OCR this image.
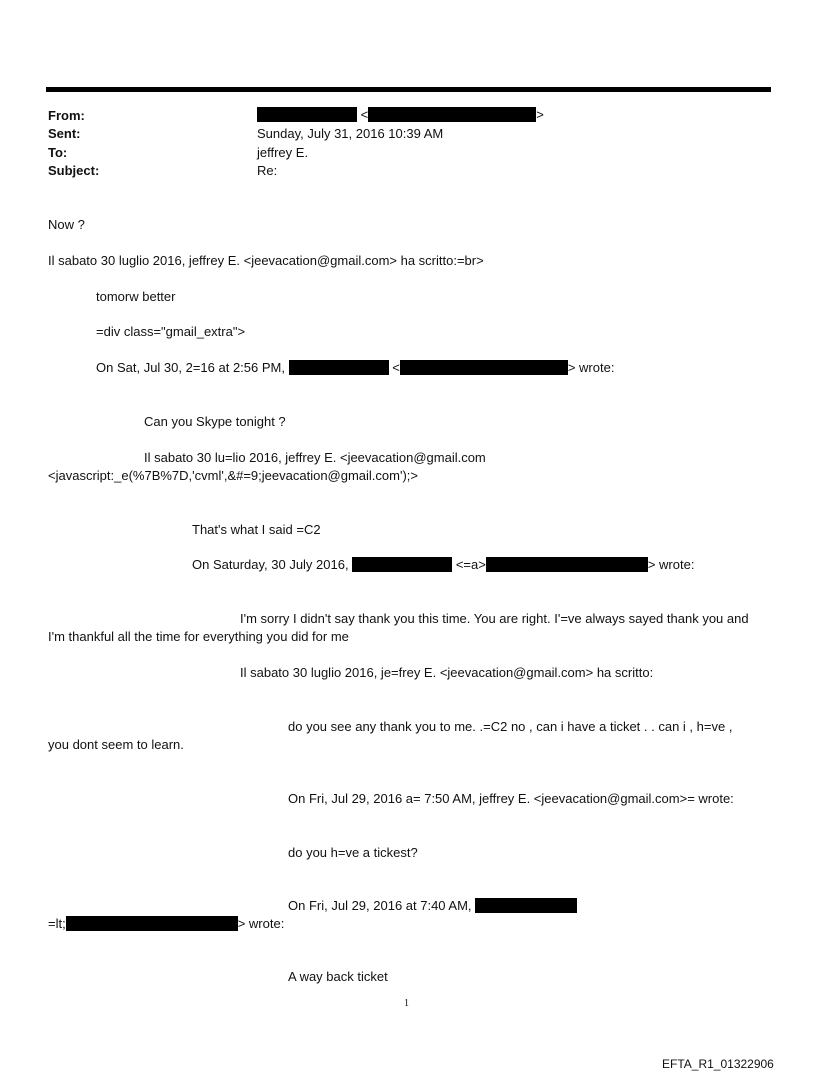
From:	<	>
Sent:	Sunday, July 31, 2016 10:39 AM
To:	jeffrey E.
Subject:	Re:
Now ?
Il sabato 30 luglio 2016, jeffrey E. <jeevacation@gmail.com> ha scritto:=br>
tomorw better
=div class="gmail_extra">
On Sat, Jul 30, 2=16 at 2:56 PM,	<	> wrote:
Can you Skype tonight ?
Il sabato 30 lu=lio 2016, jeffrey E. <jeevacation@gmail.com
<javascript:_e(%7B%7D,'cvml',&#=9;jeevacation@gmail.com');>
That's what I said =C2
On Saturday, 30 July 2016,	<=a>	> wrote:
I'm sorry I didn't say thank you this time. You are right. I'=ve always sayed thank you and
I'm thankful all the time for everything you did for me
Il sabato 30 luglio 2016, je=frey E. <jeevacation@gmail.com> ha scritto:
do you see any thank you to me. .=C2 no , can i have a ticket . . can i , h=ve ,
you dont seem to learn.
On Fri, Jul 29, 2016 a= 7:50 AM, jeffrey E. <jeevacation@gmail.com>= wrote:
do you h=ve a tickest?
On Fri, Jul 29, 2016 at 7:40 AM,
=lt;	> wrote:
A way back ticket
1
EFTA_R1_01322906
